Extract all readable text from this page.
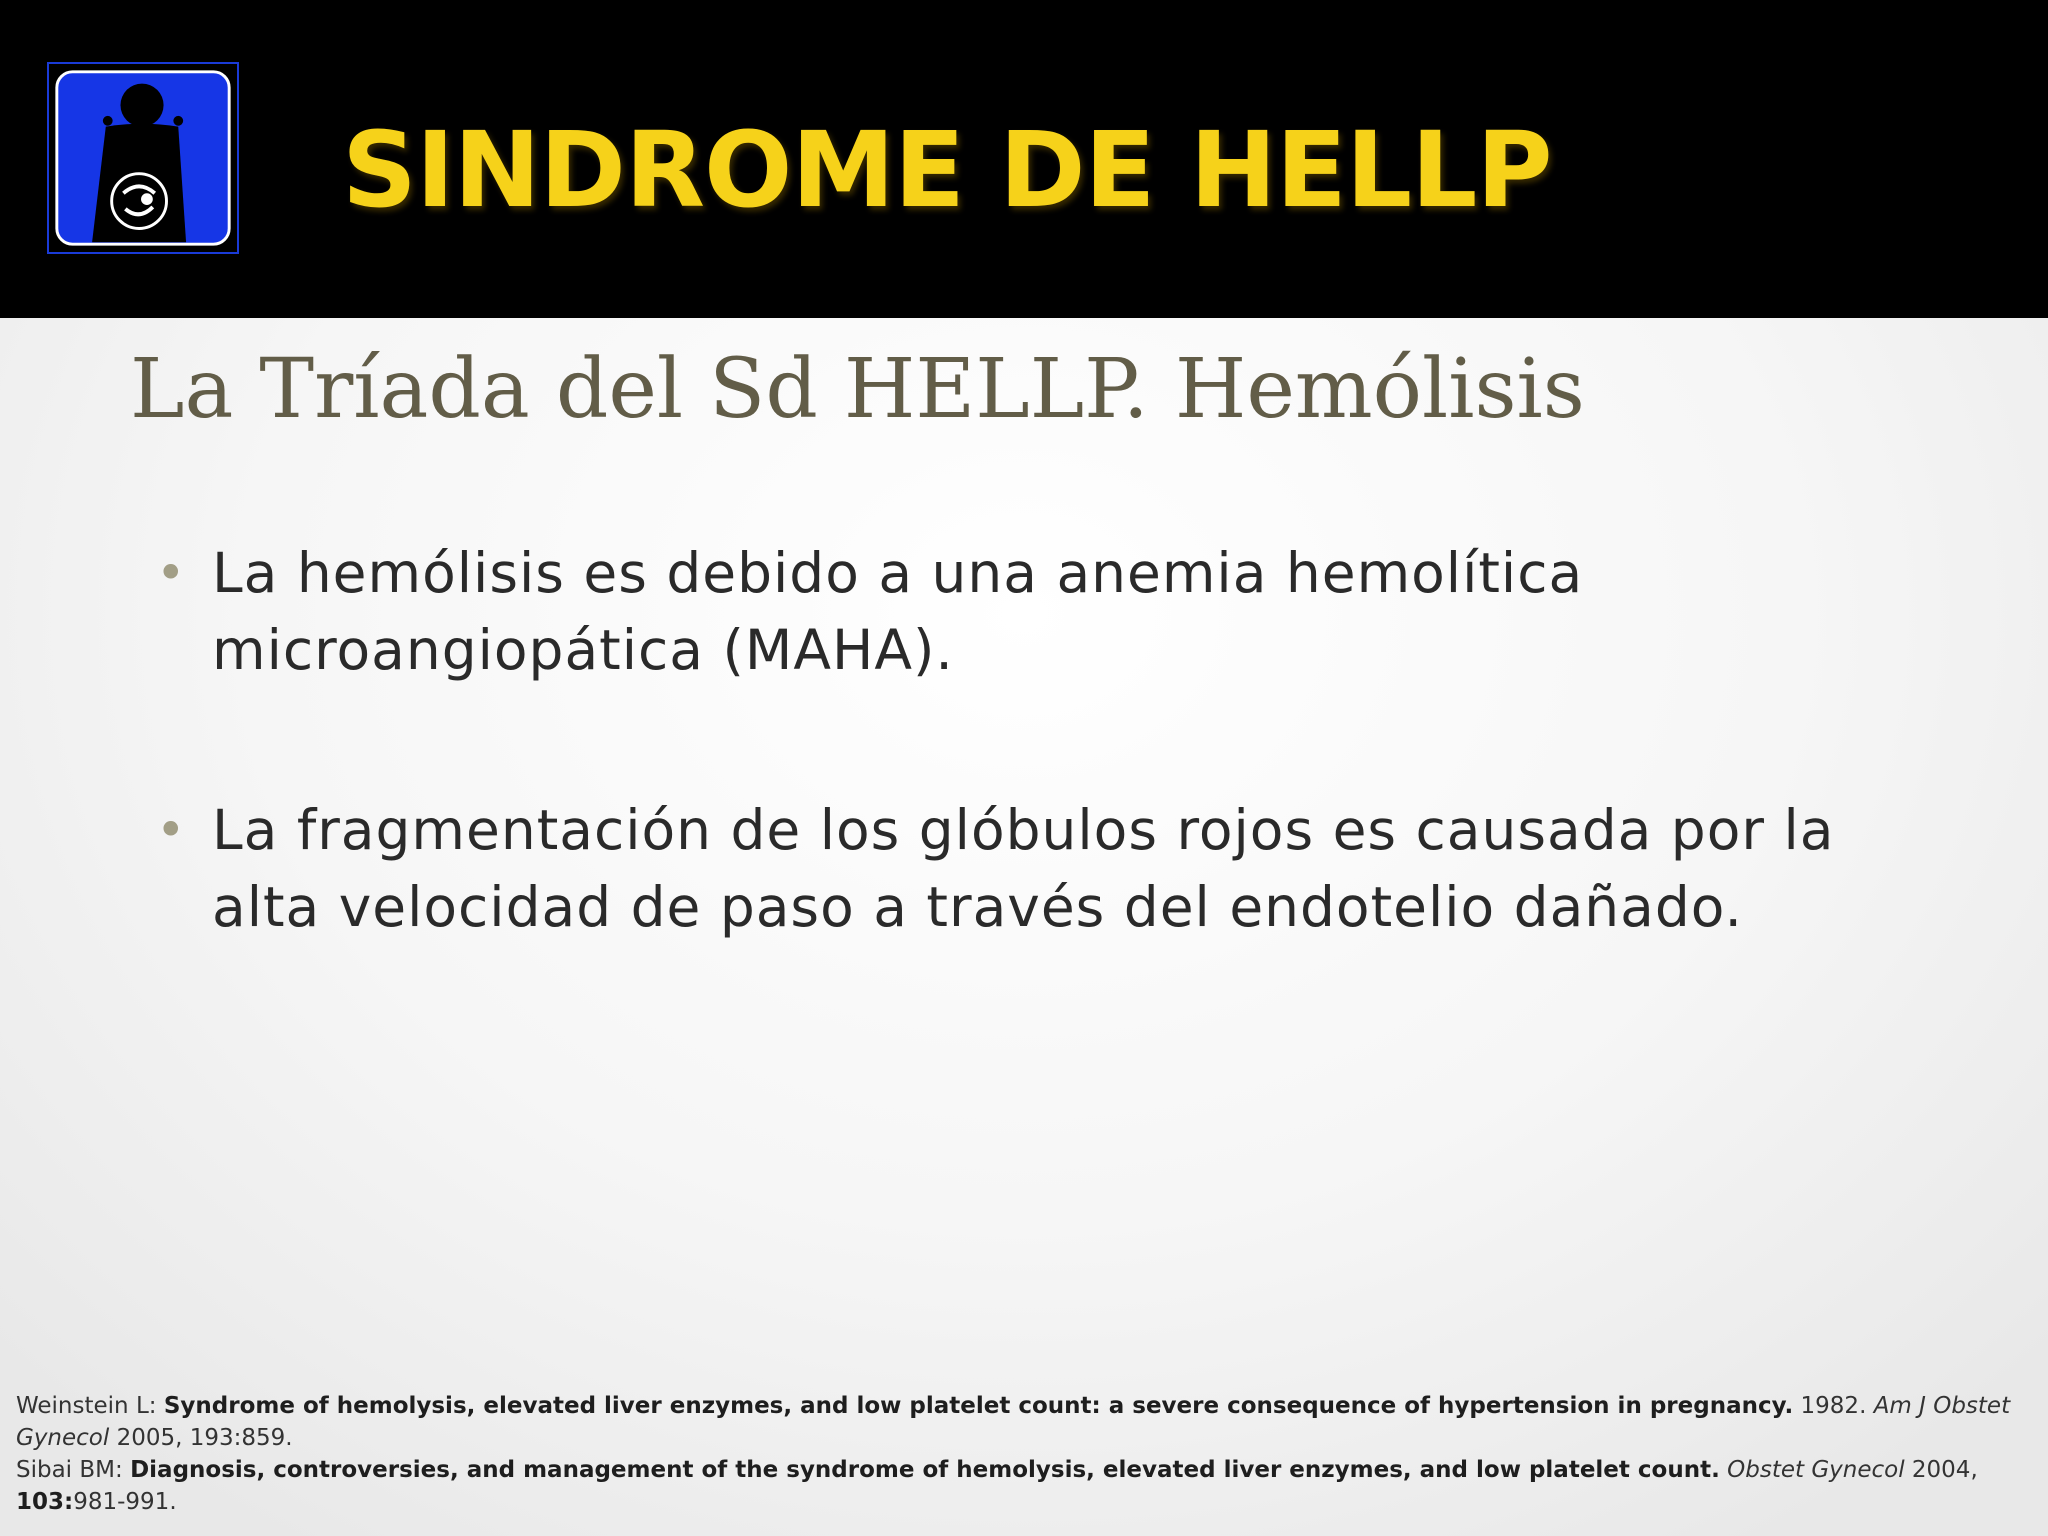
SINDROME DE HELLP
La Tríada del Sd HELLP. Hemólisis
• La hemólisis es debido a una anemia hemolítica microangiopática (MAHA).
• La fragmentación de los glóbulos rojos es causada por la alta velocidad de paso a través del endotelio dañado.

Weinstein L: Syndrome of hemolysis, elevated liver enzymes, and low platelet count: a severe consequence of hypertension in pregnancy. 1982. Am J Obstet Gynecol 2005, 193:859.

Sibai BM: Diagnosis, controversies, and management of the syndrome of hemolysis, elevated liver enzymes, and low platelet count. Obstet Gynecol 2004, 103:981-991.
